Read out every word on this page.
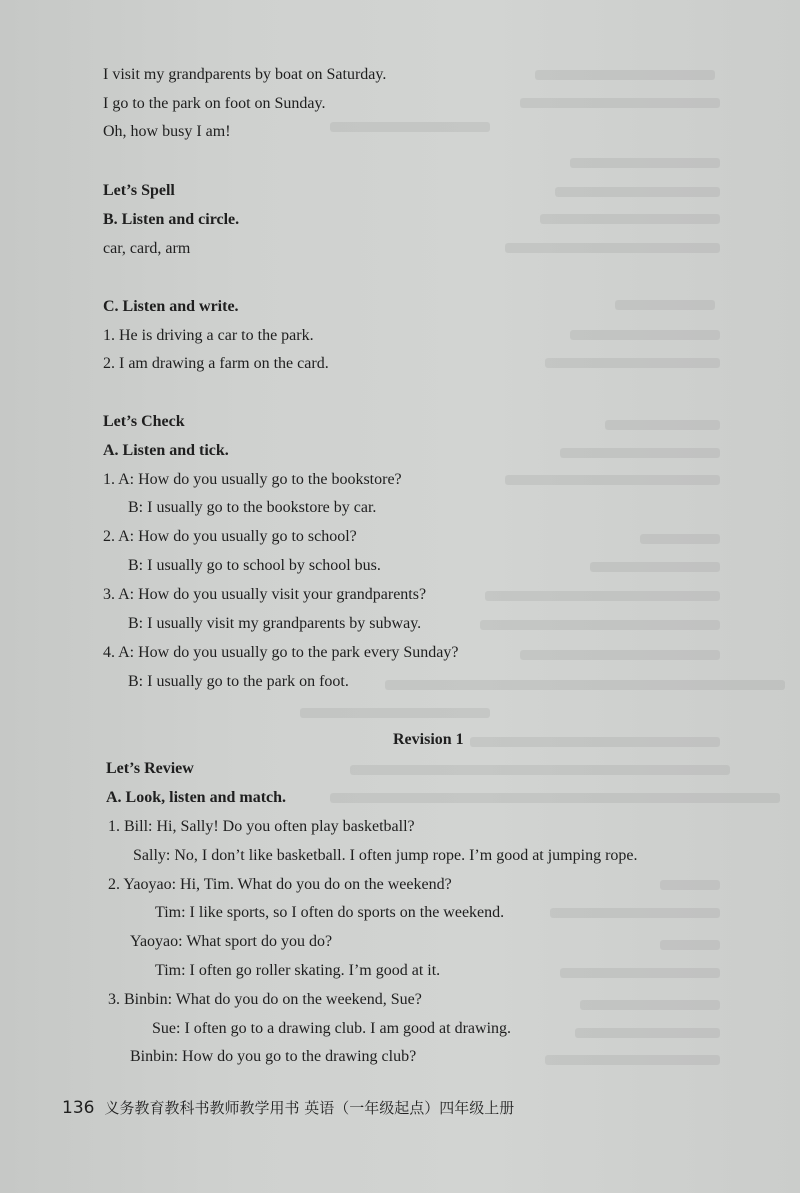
I visit my grandparents by boat on Saturday.
I go to the park on foot on Sunday.
Oh, how busy I am!
Let’s Spell
B. Listen and circle.
car, card, arm
C. Listen and write.
1. He is driving a car to the park.
2. I am drawing a farm on the card.
Let’s Check
A. Listen and tick.
1. A: How do you usually go to the bookstore?
B: I usually go to the bookstore by car.
2. A: How do you usually go to school?
B: I usually go to school by school bus.
3. A: How do you usually visit your grandparents?
B: I usually visit my grandparents by subway.
4. A: How do you usually go to the park every Sunday?
B: I usually go to the park on foot.
Revision 1
Let’s Review
A. Look, listen and match.
1. Bill: Hi, Sally! Do you often play basketball?
Sally: No, I don’t like basketball. I often jump rope. I’m good at jumping rope.
2. Yaoyao: Hi, Tim. What do you do on the weekend?
Tim: I like sports, so I often do sports on the weekend.
Yaoyao: What sport do you do?
Tim: I often go roller skating. I’m good at it.
3. Binbin: What do you do on the weekend, Sue?
Sue: I often go to a drawing club. I am good at drawing.
Binbin: How do you go to the drawing club?
136 义务教育教科书教师教学用书 英语（一年级起点）四年级上册
